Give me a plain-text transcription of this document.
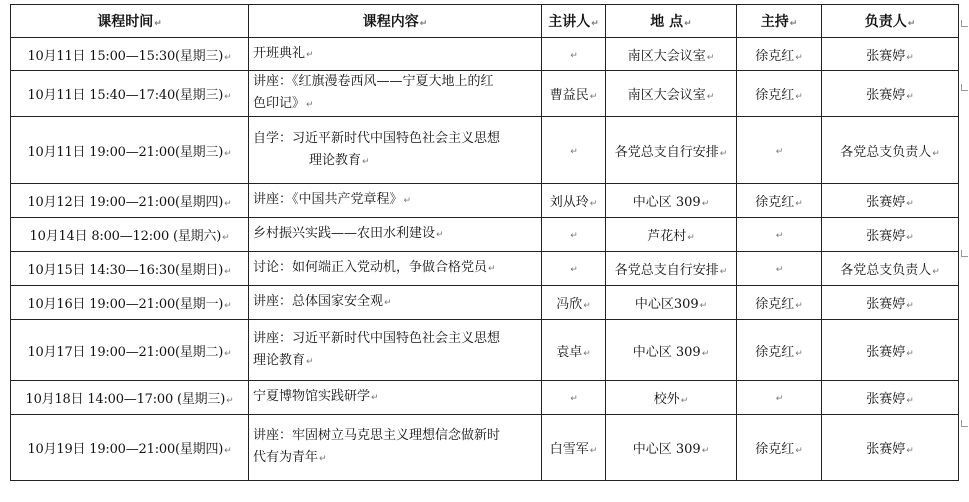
课程时间↵	课程内容↵	主讲人↵	地 点↵	主持↵	负责人↵
10月11日 15:00—15:30(星期三)↵	开班典礼↵	↵	南区大会议室↵	徐克红↵	张赛婷↵
10月11日 15:40—17:40(星期三)↵	讲座：《红旗漫卷西风——宁夏大地上的红
色印记》↵	曹益民↵	南区大会议室↵	徐克红↵	张赛婷↵
10月11日 19:00—21:00(星期三)↵	自学：习近平新时代中国特色社会主义思想
理论教育↵	↵	各党总支自行安排↵	↵	各党总支负责人↵
10月12日 19:00—21:00(星期四)↵	讲座：《中国共产党章程》↵	刘从玲↵	中心区 309↵	徐克红↵	张赛婷↵
10月14日 8:00—12:00 (星期六)↵	乡村振兴实践——农田水利建设↵	↵	芦花村↵	↵	张赛婷↵
10月15日 14:30—16:30(星期日)↵	讨论：如何端正入党动机，争做合格党员↵	↵	各党总支自行安排↵	↵	各党总支负责人↵
10月16日 19:00—21:00(星期一)↵	讲座：总体国家安全观↵	冯欣↵	中心区309↵	徐克红↵	张赛婷↵
10月17日 19:00—21:00(星期二)↵	讲座：习近平新时代中国特色社会主义思想
理论教育↵	袁卓↵	中心区 309↵	徐克红↵	张赛婷↵
10月18日 14:00—17:00 (星期三)↵	宁夏博物馆实践研学↵	↵	校外↵	↵	张赛婷↵
10月19日 19:00—21:00(星期四)↵	讲座：牢固树立马克思主义理想信念做新时
代有为青年↵	白雪军↵	中心区 309↵	徐克红↵	张赛婷↵
